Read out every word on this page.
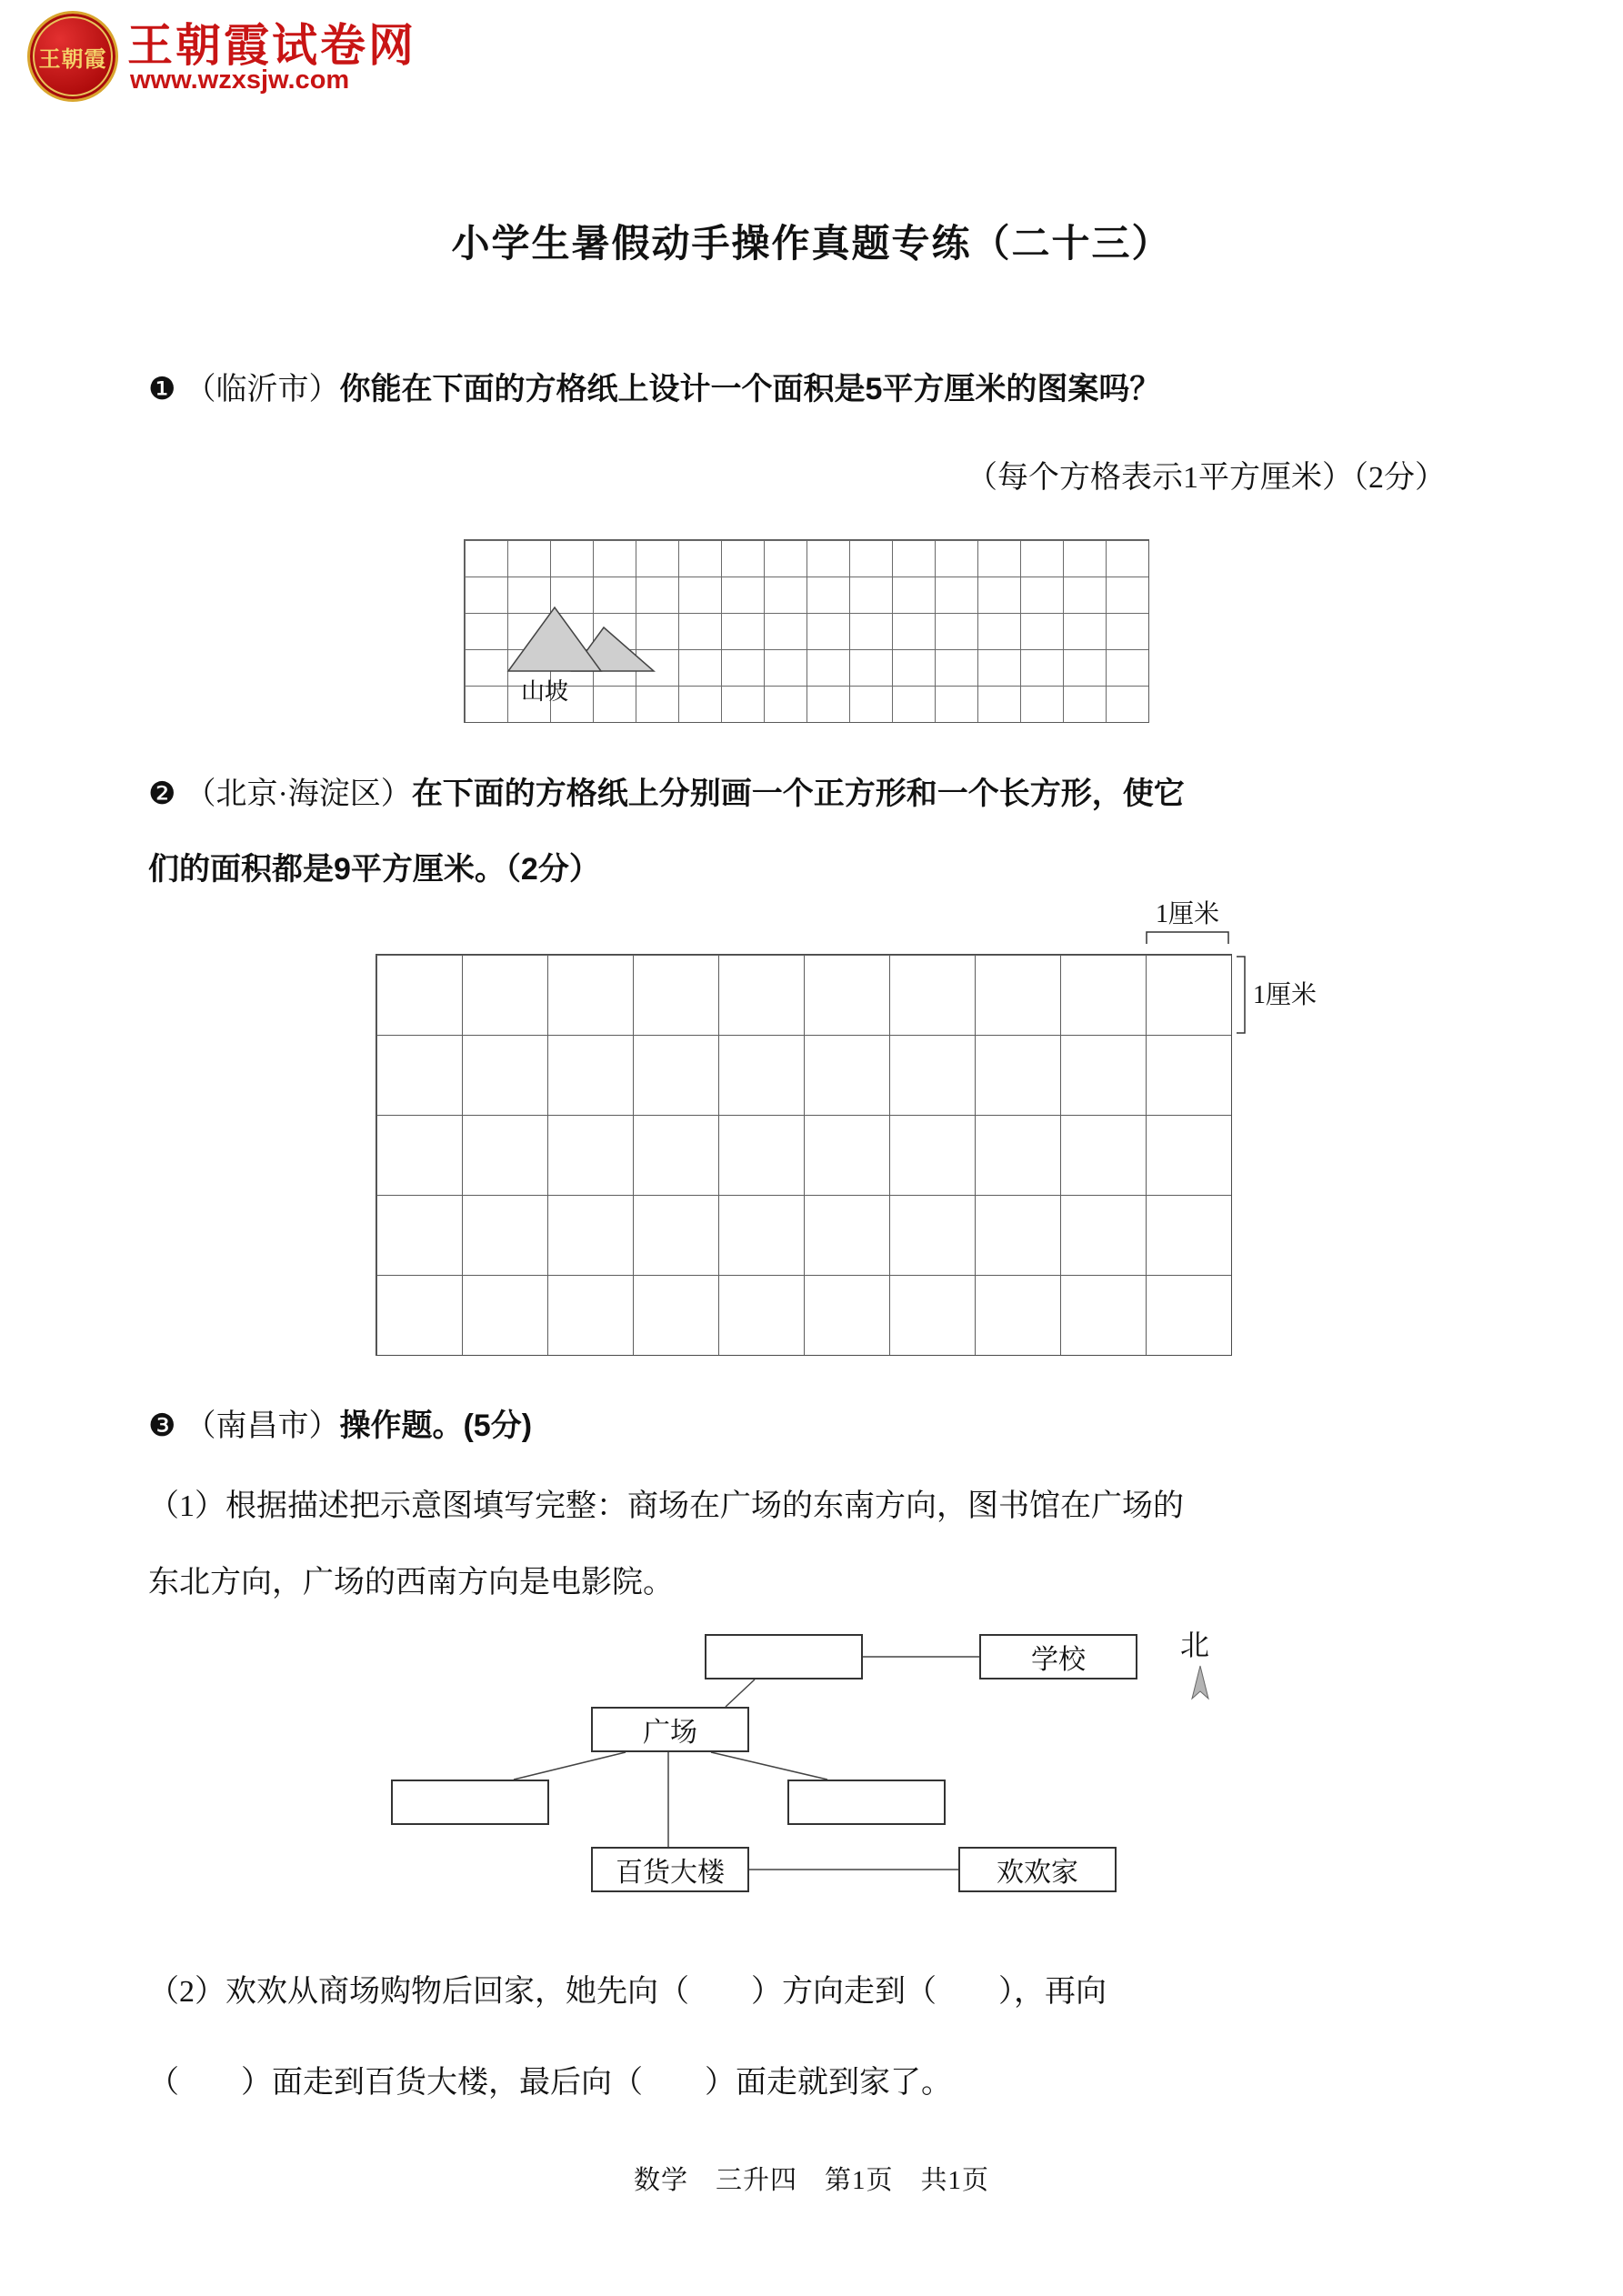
王朝霞 王朝霞试卷网
www.wzxsjw.com
小学生暑假动手操作真题专练（二十三）
❶ （临沂市）你能在下面的方格纸上设计一个面积是5平方厘米的图案吗？
（每个方格表示1平方厘米）（2分）
山坡
❷ （北京·海淀区）在下面的方格纸上分别画一个正方形和一个长方形，使它
们的面积都是9平方厘米。（2分）
1厘米
1厘米
❸ （南昌市）操作题。(5分)
（1）根据描述把示意图填写完整：商场在广场的东南方向，图书馆在广场的
东北方向，广场的西南方向是电影院。
学校
广场
百货大楼	欢欢家
北
（2）欢欢从商场购物后回家，她先向（　　）方向走到（　　），再向
（　　）面走到百货大楼，最后向（　　）面走就到家了。
数学　三升四　第1页　共1页
